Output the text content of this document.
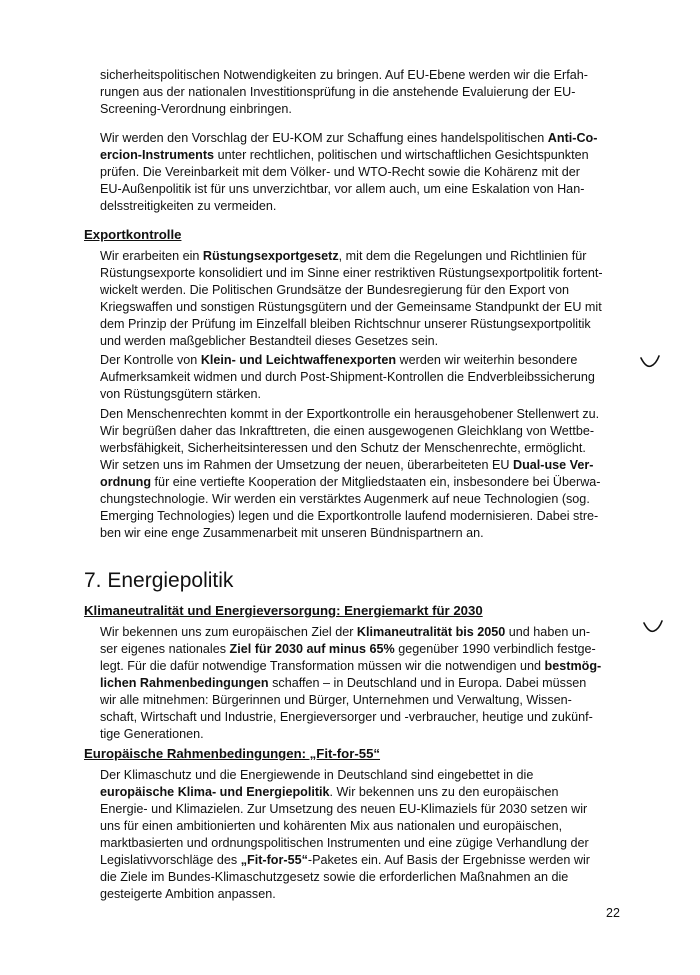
sicherheitspolitischen Notwendigkeiten zu bringen. Auf EU-Ebene werden wir die Erfah-
rungen aus der nationalen Investitionsprüfung in die anstehende Evaluierung der EU-
Screening-Verordnung einbringen.

Wir werden den Vorschlag der EU-KOM zur Schaffung eines handelspolitischen Anti-Co-
ercion-Instruments unter rechtlichen, politischen und wirtschaftlichen Gesichtspunkten
prüfen. Die Vereinbarkeit mit dem Völker- und WTO-Recht sowie die Kohärenz mit der
EU-Außenpolitik ist für uns unverzichtbar, vor allem auch, um eine Eskalation von Han-
delsstreitigkeiten zu vermeiden.

Exportkontrolle

Wir erarbeiten ein Rüstungsexportgesetz, mit dem die Regelungen und Richtlinien für
Rüstungsexporte konsolidiert und im Sinne einer restriktiven Rüstungsexportpolitik fortent-
wickelt werden. Die Politischen Grundsätze der Bundesregierung für den Export von
Kriegswaffen und sonstigen Rüstungsgütern und der Gemeinsame Standpunkt der EU mit
dem Prinzip der Prüfung im Einzelfall bleiben Richtschnur unserer Rüstungsexportpolitik
und werden maßgeblicher Bestandteil dieses Gesetzes sein.

Der Kontrolle von Klein- und Leichtwaffenexporten werden wir weiterhin besondere
Aufmerksamkeit widmen und durch Post-Shipment-Kontrollen die Endverbleibssicherung
von Rüstungsgütern stärken.

Den Menschenrechten kommt in der Exportkontrolle ein herausgehobener Stellenwert zu.
Wir begrüßen daher das Inkrafttreten, die einen ausgewogenen Gleichklang von Wettbe-
werbsfähigkeit, Sicherheitsinteressen und den Schutz der Menschenrechte, ermöglicht.
Wir setzen uns im Rahmen der Umsetzung der neuen, überarbeiteten EU Dual-use Ver-
ordnung für eine vertiefte Kooperation der Mitgliedstaaten ein, insbesondere bei Überwa-
chungstechnologie. Wir werden ein verstärktes Augenmerk auf neue Technologien (sog.
Emerging Technologies) legen und die Exportkontrolle laufend modernisieren. Dabei stre-
ben wir eine enge Zusammenarbeit mit unseren Bündnispartnern an.

7. Energiepolitik
Klimaneutralität und Energieversorgung: Energiemarkt für 2030

Wir bekennen uns zum europäischen Ziel der Klimaneutralität bis 2050 und haben un-
ser eigenes nationales Ziel für 2030 auf minus 65% gegenüber 1990 verbindlich festge-
legt. Für die dafür notwendige Transformation müssen wir die notwendigen und bestmög-
lichen Rahmenbedingungen schaffen – in Deutschland und in Europa. Dabei müssen
wir alle mitnehmen: Bürgerinnen und Bürger, Unternehmen und Verwaltung, Wissen-
schaft, Wirtschaft und Industrie, Energieversorger und -verbraucher, heutige und zukünf-
tige Generationen.

Europäische Rahmenbedingungen: „Fit-for-55“

Der Klimaschutz und die Energiewende in Deutschland sind eingebettet in die
europäische Klima- und Energiepolitik. Wir bekennen uns zu den europäischen
Energie- und Klimazielen. Zur Umsetzung des neuen EU-Klimaziels für 2030 setzen wir
uns für einen ambitionierten und kohärenten Mix aus nationalen und europäischen,
marktbasierten und ordnungspolitischen Instrumenten und eine zügige Verhandlung der
Legislativvorschläge des „Fit-for-55“-Paketes ein. Auf Basis der Ergebnisse werden wir
die Ziele im Bundes-Klimaschutzgesetz sowie die erforderlichen Maßnahmen an die
gesteigerte Ambition anpassen.

22
